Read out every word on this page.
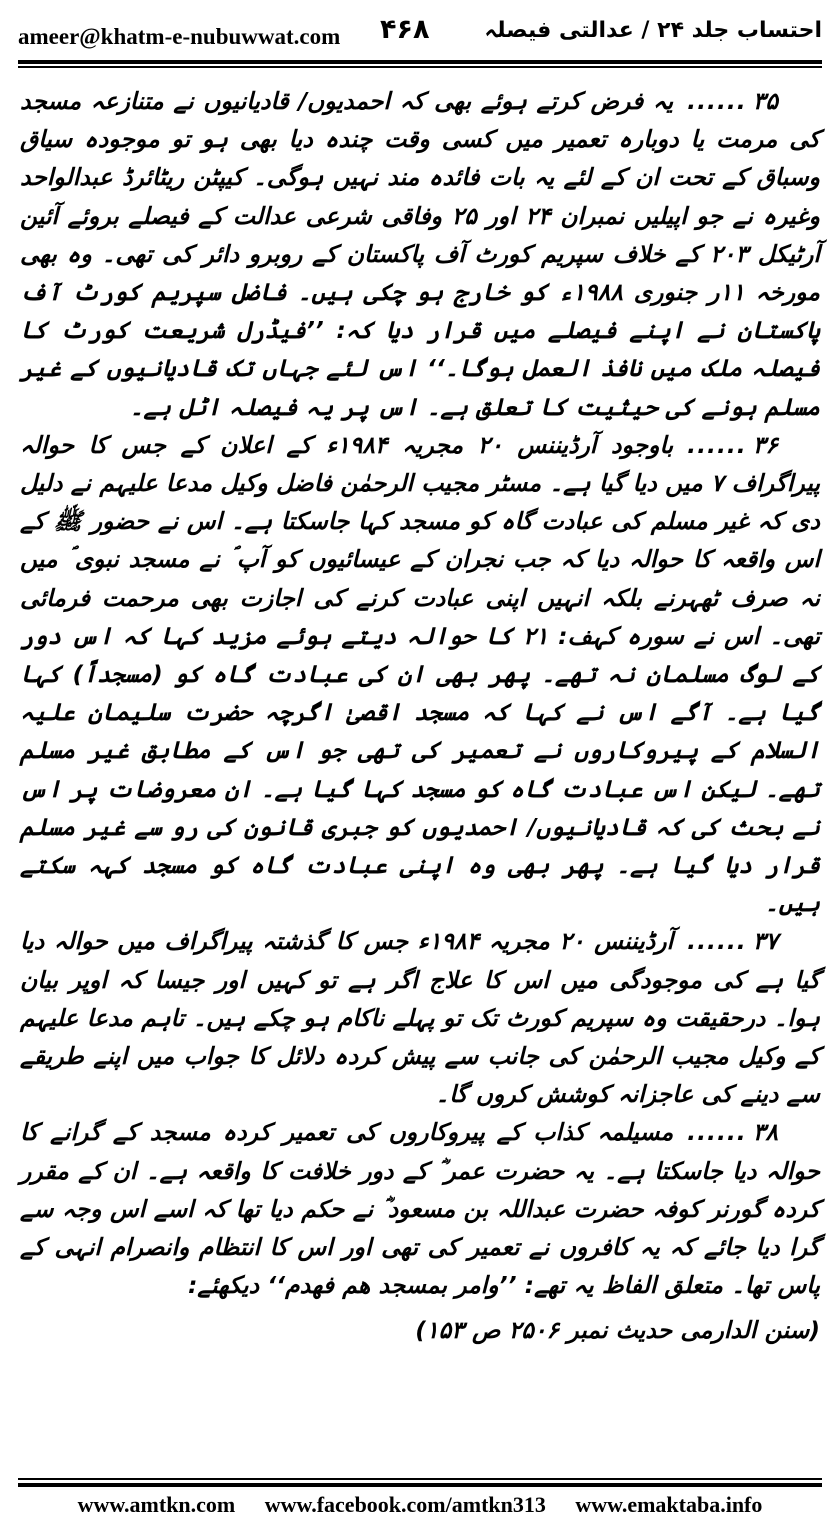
ameer@khatm-e-nubuwwat.com ۴۶۸ احتساب جلد ۲۴ / عدالتی فیصلہ

۳۵......یہ فرض کرتے ہوئے بھی کہ احمدیوں/ قادیانیوں نے متنازعہ مسجد کی مرمت یا دوبارہ تعمیر میں کسی وقت چندہ دیا بھی ہو تو موجودہ سیاق وسباق کے تحت ان کے لئے یہ بات فائدہ مند نہیں ہوگی۔ کیپٹن ریٹائرڈ عبدالواحد وغیرہ نے جو اپیلیں نمبران ۲۴ اور ۲۵ وفاقی شرعی عدالت کے فیصلے بروئے آئین آرٹیکل ۲۰۳ کے خلاف سپریم کورٹ آف پاکستان کے روبرو دائر کی تھی۔ وہ بھی مورخہ ۱۱ر جنوری ۱۹۸۸ء کو خارج ہو چکی ہیں۔ فاضل سپریم کورٹ آف پاکستان نے اپنے فیصلے میں قرار دیا کہ: ’’فیڈرل شریعت کورٹ کا فیصلہ ملک میں نافذ العمل ہوگا۔‘‘ اس لئے جہاں تک قادیانیوں کے غیر مسلم ہونے کی حیثیت کا تعلق ہے۔ اس پر یہ فیصلہ اٹل ہے۔

۳۶......باوجود آرڈیننس ۲۰ مجریہ ۱۹۸۴ء کے اعلان کے جس کا حوالہ پیراگراف ۷ میں دیا گیا ہے۔ مسٹر مجیب الرحمٰن فاضل وکیل مدعا علیہم نے دلیل دی کہ غیر مسلم کی عبادت گاہ کو مسجد کہا جاسکتا ہے۔ اس نے حضور ﷺ کے اس واقعہ کا حوالہ دیا کہ جب نجران کے عیسائیوں کو آپ ؐ نے مسجد نبوی ؐ میں نہ صرف ٹھہرنے بلکہ انہیں اپنی عبادت کرنے کی اجازت بھی مرحمت فرمائی تھی۔ اس نے سورہ کہف: ۲۱ کا حوالہ دیتے ہوئے مزید کہا کہ اس دور کے لوگ مسلمان نہ تھے۔ پھر بھی ان کی عبادت گاہ کو (مسجداً) کہا گیا ہے۔ آگے اس نے کہا کہ مسجد اقصیٰ اگرچہ حضرت سلیمان علیہ السلام کے پیروکاروں نے تعمیر کی تھی جو اس کے مطابق غیر مسلم تھے۔ لیکن اس عبادت گاہ کو مسجد کہا گیا ہے۔ ان معروضات پر اس نے بحث کی کہ قادیانیوں/ احمدیوں کو جبری قانون کی رو سے غیر مسلم قرار دیا گیا ہے۔ پھر بھی وہ اپنی عبادت گاہ کو مسجد کہہ سکتے ہیں۔

۳۷......آرڈیننس ۲۰ مجریہ ۱۹۸۴ء جس کا گذشتہ پیراگراف میں حوالہ دیا گیا ہے کی موجودگی میں اس کا علاج اگر ہے تو کہیں اور جیسا کہ اوپر بیان ہوا۔ درحقیقت وہ سپریم کورٹ تک تو پہلے ناکام ہو چکے ہیں۔ تاہم مدعا علیہم کے وکیل مجیب الرحمٰن کی جانب سے پیش کردہ دلائل کا جواب میں اپنے طریقے سے دینے کی عاجزانہ کوشش کروں گا۔

۳۸......مسیلمہ کذاب کے پیروکاروں کی تعمیر کردہ مسجد کے گرانے کا حوالہ دیا جاسکتا ہے۔ یہ حضرت عمر ؓ کے دور خلافت کا واقعہ ہے۔ ان کے مقرر کردہ گورنر کوفہ حضرت عبداللہ بن مسعود ؓ نے حکم دیا تھا کہ اسے اس وجہ سے گرا دیا جائے کہ یہ کافروں نے تعمیر کی تھی اور اس کا انتظام وانصرام انہی کے پاس تھا۔ متعلق الفاظ یہ تھے: ’’وامر بمسجد هم فهدم‘‘ دیکھئے:

(سنن الدارمی حدیث نمبر ۲۵۰۶ ص ۱۵۳)

www.amtkn.com www.facebook.com/amtkn313 www.emaktaba.info
